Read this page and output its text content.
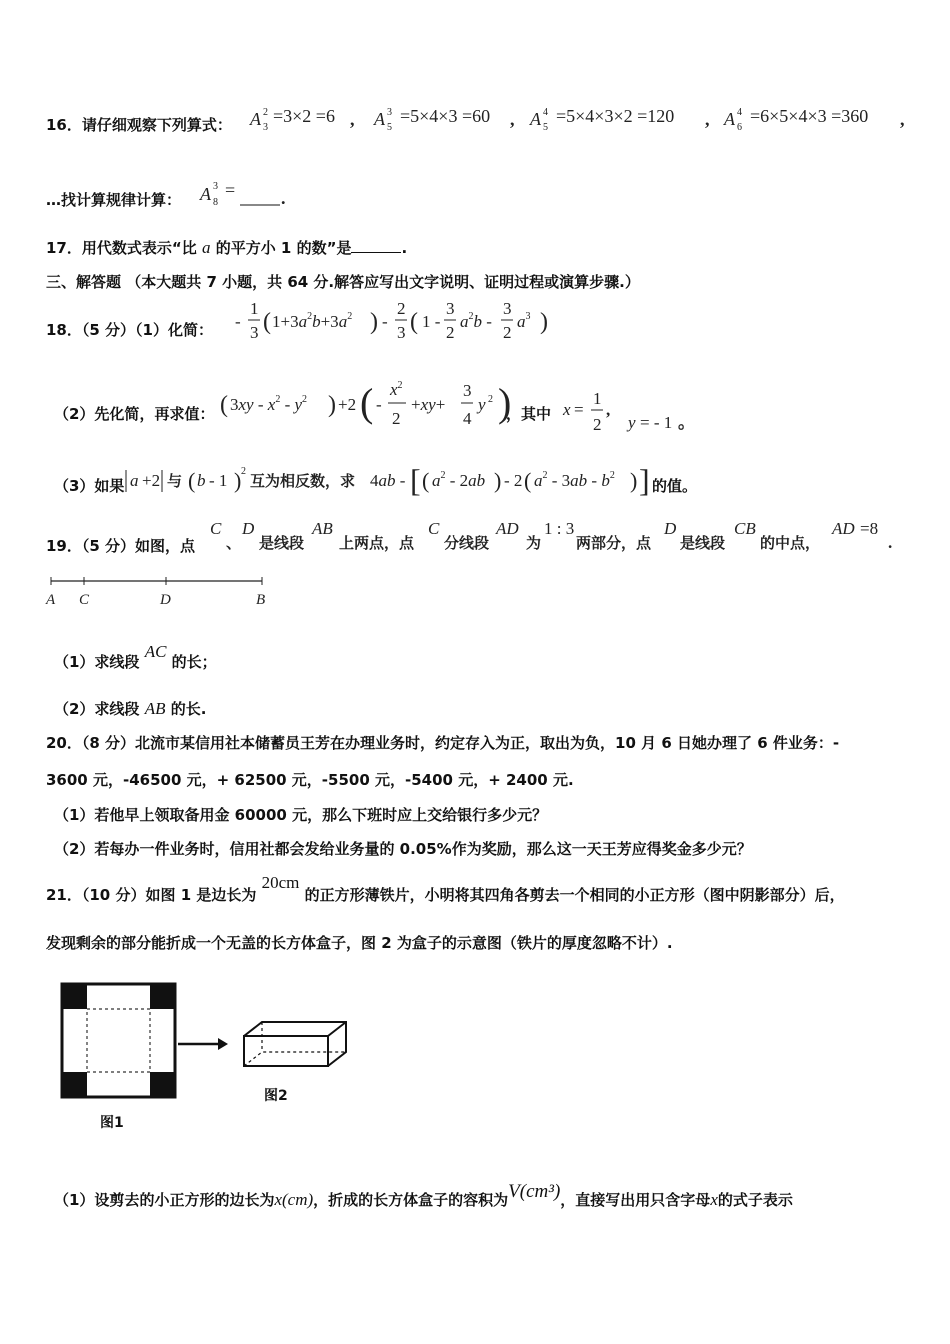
16．请仔细观察下列算式： A 2
3
=3×2 =6 , A 3
5
=5×4×3 =60 , A 4
5
=5×4×3×2 =120 , A 4
6
=6×5×4×3 =360 ,
…找计算规律计算： A 3
8
=	.
17．用代数式表示“比 a 的平方小 1 的数”是	.
三、解答题 （本大题共 7 小题，共 64 分.解答应写出文字说明、证明过程或演算步骤.）
18．（5 分）（1）化简： -
1
3 ( $1+3a^2b+3a^2$ ) -
2
3 ( 1 -
3
2
$a^2b$ -
3
2
$a^3$ )
（2）先化简，再求值： ( $3xy - x^2 - y^2$ ) +2 ( -
$x^2$
2
+xy+
3
4
y 2 )
，其中 x =
1
2
,
y = - 1 。
（3）如果 a +2 与 ( b - 1 ) 2
互为相反数，求 4ab - [ ( $a^2 - 2ab$ ) - 2 ( $a^2 - 3ab - b^2$ ) ] 的值。
19．（5 分）如图，点
C
、
D
是线段
AB
上两点，点
C
分线段
AD
为
1 : 3
两部分，点
D
是线段
CB
的中点，
AD =8
.
A C	D	B
（1）求线段 AC 的长；
（2）求线段 AB 的长.
20．（8 分）北流市某信用社本储蓄员王芳在办理业务时，约定存入为正，取出为负，10 月 6 日她办理了 6 件业务：-
3600 元，-46500 元，+ 62500 元，-5500 元，-5400 元，+ 2400 元.
（1）若他早上领取备用金 60000 元，那么下班时应上交给银行多少元？
（2）若每办一件业务时，信用社都会发给业务量的 0.05%作为奖励，那么这一天王芳应得奖金多少元？
21．（10 分）如图 1 是边长为 20cm 的正方形薄铁片，小明将其四角各剪去一个相同的小正方形（图中阴影部分）后，
发现剩余的部分能折成一个无盖的长方体盒子，图 2 为盒子的示意图（铁片的厚度忽略不计）.
图1
图2
（1）设剪去的小正方形的边长为x(cm)，折成的长方体盒子的容积为V(cm³)，直接写出用只含字母x的式子表示
